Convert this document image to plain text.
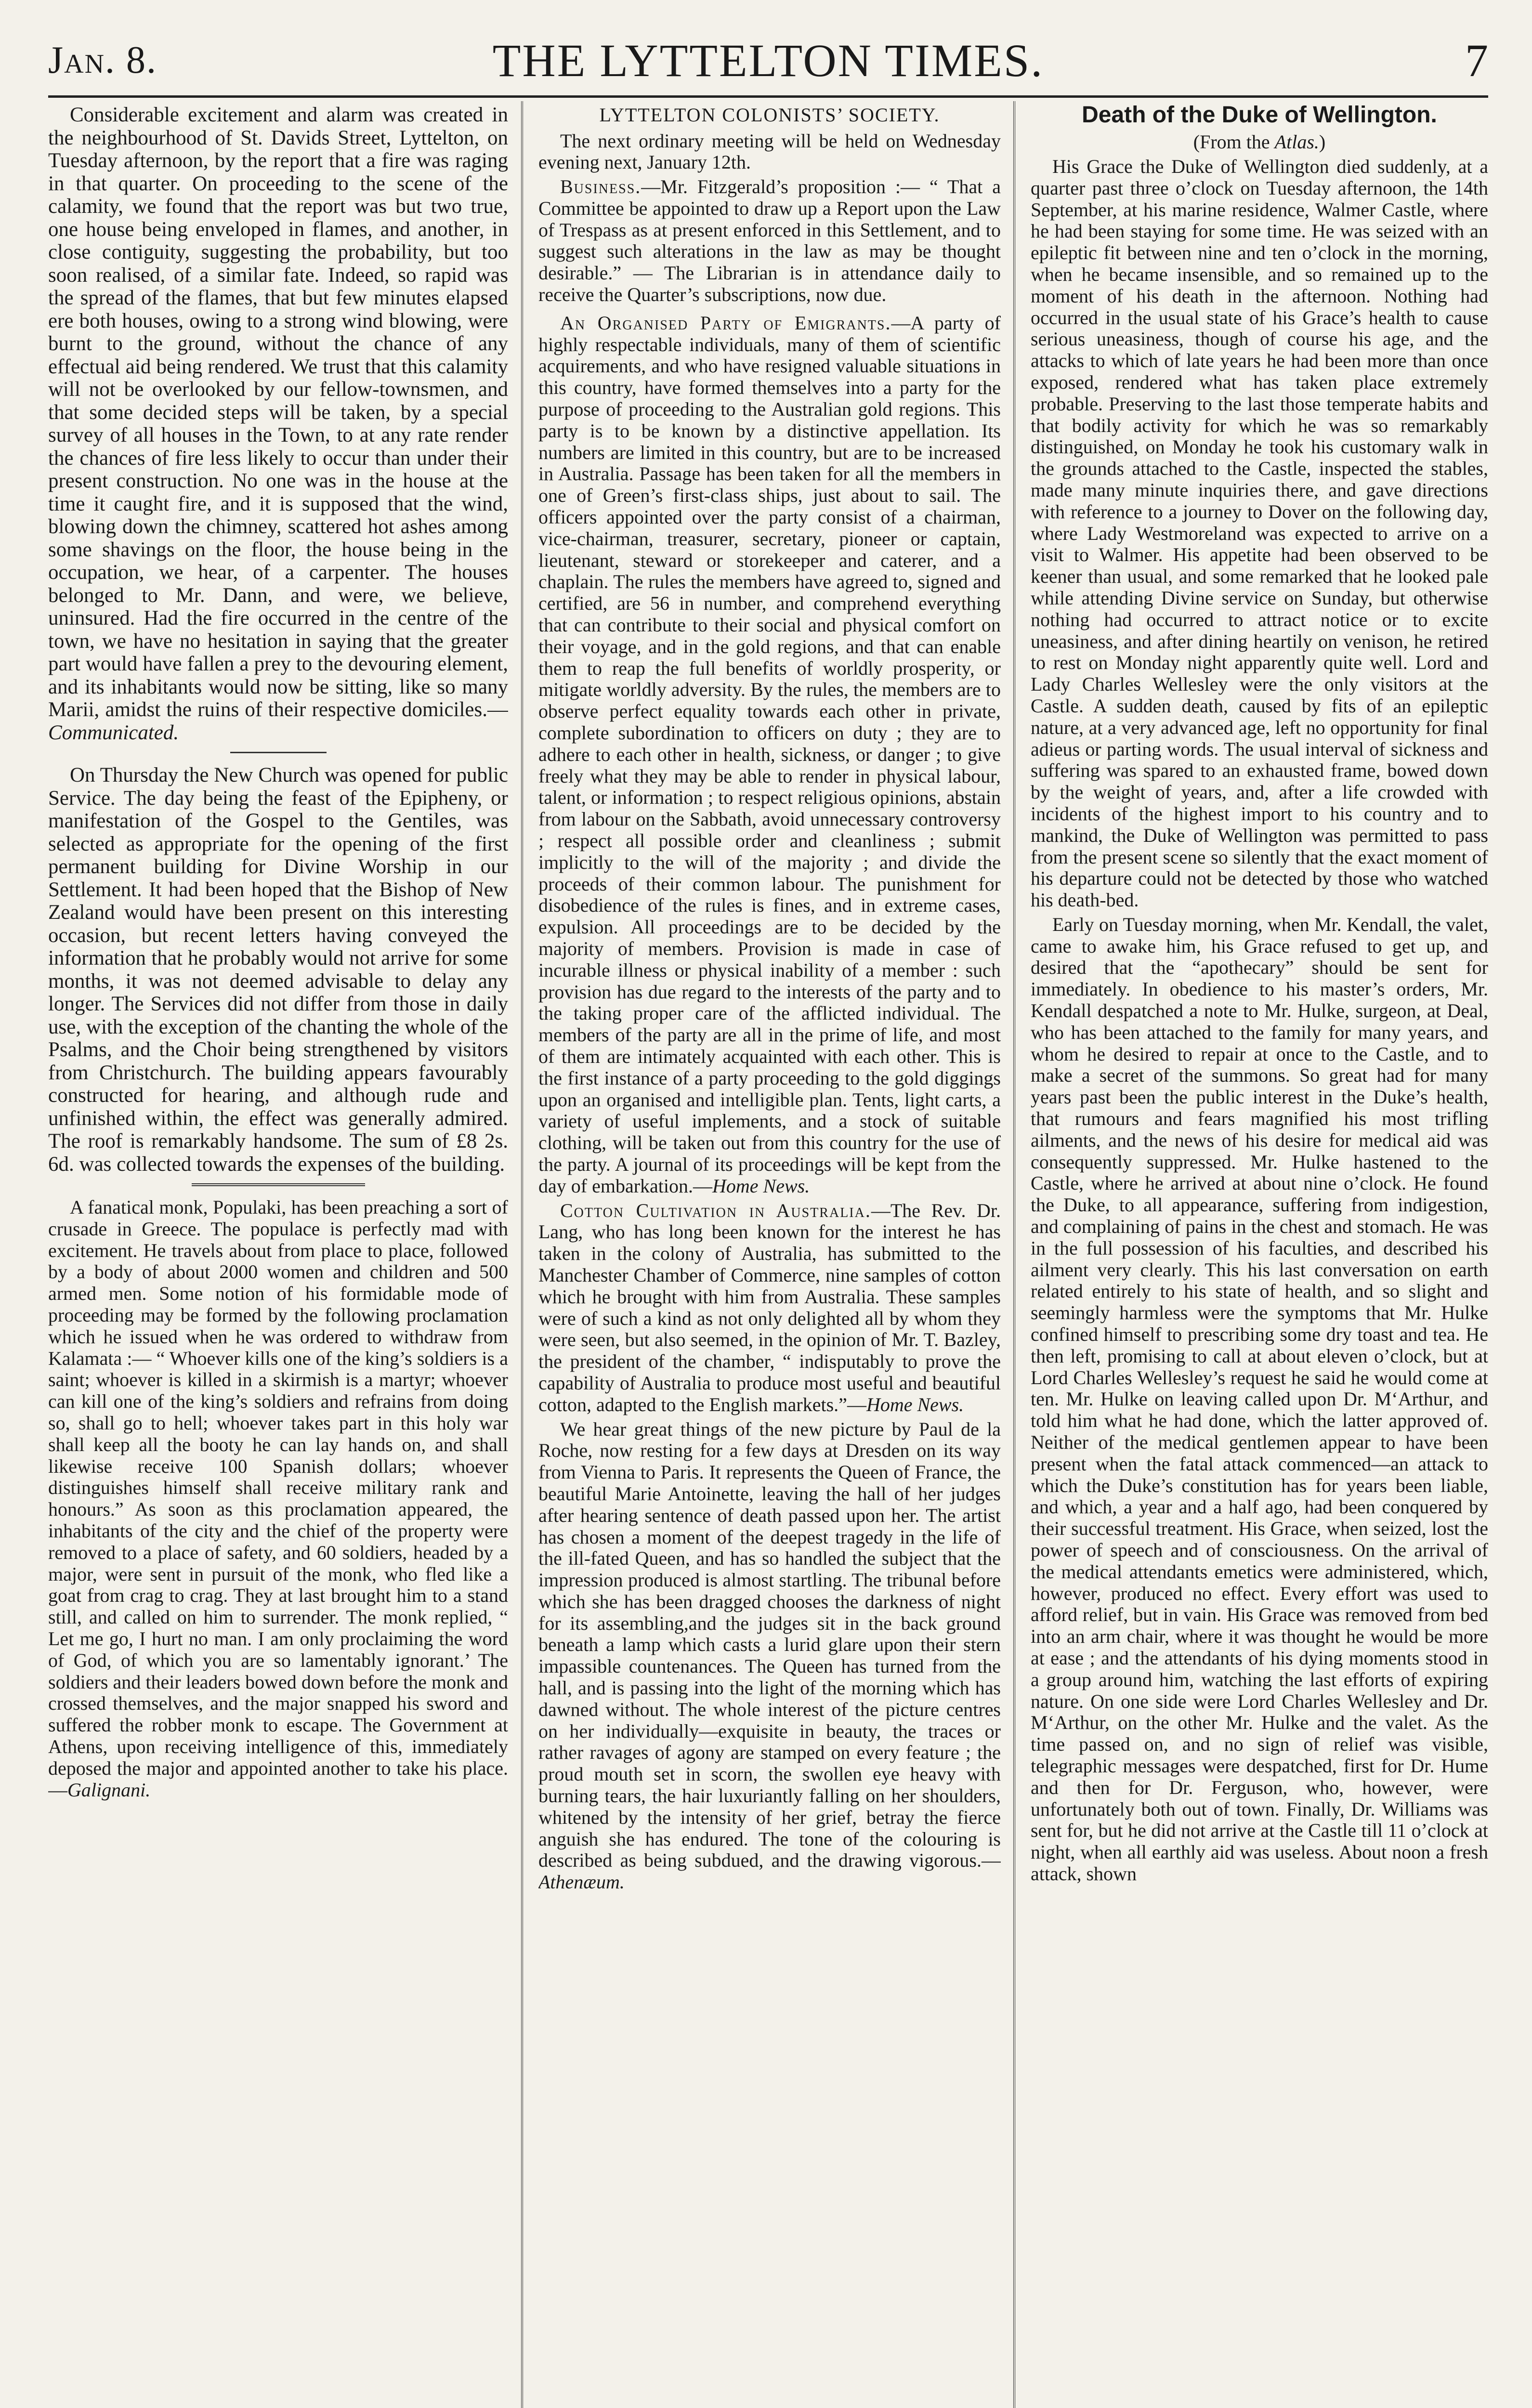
Jan. 8.	THE LYTTELTON TIMES.	7

Considerable excitement and alarm was created in the neighbourhood of St. Davids Street, Lyttelton, on Tuesday afternoon, by the report that a fire was raging in that quarter. On proceeding to the scene of the calamity, we found that the report was but two true, one house being enveloped in flames, and another, in close contiguity, suggesting the probability, but too soon realised, of a similar fate. Indeed, so rapid was the spread of the flames, that but few minutes elapsed ere both houses, owing to a strong wind blowing, were burnt to the ground, without the chance of any effectual aid being rendered. We trust that this calamity will not be overlooked by our fellow-townsmen, and that some decided steps will be taken, by a special survey of all houses in the Town, to at any rate render the chances of fire less likely to occur than under their present construction. No one was in the house at the time it caught fire, and it is supposed that the wind, blowing down the chimney, scattered hot ashes among some shavings on the floor, the house being in the occupation, we hear, of a carpenter. The houses belonged to Mr. Dann, and were, we believe, uninsured. Had the fire occurred in the centre of the town, we have no hesitation in saying that the greater part would have fallen a prey to the devouring element, and its inhabitants would now be sitting, like so many Marii, amidst the ruins of their respective domiciles.—Communicated.

On Thursday the New Church was opened for public Service. The day being the feast of the Epipheny, or manifestation of the Gospel to the Gentiles, was selected as appropriate for the opening of the first permanent building for Divine Worship in our Settlement. It had been hoped that the Bishop of New Zealand would have been present on this interesting occasion, but recent letters having conveyed the information that he probably would not arrive for some months, it was not deemed advisable to delay any longer. The Services did not differ from those in daily use, with the exception of the chanting the whole of the Psalms, and the Choir being strengthened by visitors from Christchurch. The building appears favourably constructed for hearing, and although rude and unfinished within, the effect was generally admired. The roof is remarkably handsome. The sum of £8 2s. 6d. was collected towards the expenses of the building.

A fanatical monk, Populaki, has been preaching a sort of crusade in Greece. The populace is perfectly mad with excitement. He travels about from place to place, followed by a body of about 2000 women and children and 500 armed men. Some notion of his formidable mode of proceeding may be formed by the following proclamation which he issued when he was ordered to withdraw from Kalamata :— “ Whoever kills one of the king’s soldiers is a saint; whoever is killed in a skirmish is a martyr; whoever can kill one of the king’s soldiers and refrains from doing so, shall go to hell; whoever takes part in this holy war shall keep all the booty he can lay hands on, and shall likewise receive 100 Spanish dollars; whoever distinguishes himself shall receive military rank and honours.” As soon as this proclamation appeared, the inhabitants of the city and the chief of the property were removed to a place of safety, and 60 soldiers, headed by a major, were sent in pursuit of the monk, who fled like a goat from crag to crag. They at last brought him to a stand still, and called on him to surrender. The monk replied, “ Let me go, I hurt no man. I am only proclaiming the word of God, of which you are so lamentably ignorant.’ The soldiers and their leaders bowed down before the monk and crossed themselves, and the major snapped his sword and suffered the robber monk to escape. The Government at Athens, upon receiving intelligence of this, immediately deposed the major and appointed another to take his place.—Galignani.

LYTTELTON COLONISTS’ SOCIETY.

The next ordinary meeting will be held on Wednesday evening next, January 12th.

Business.—Mr. Fitzgerald’s proposition :— “ That a Committee be appointed to draw up a Report upon the Law of Trespass as at present enforced in this Settlement, and to suggest such alterations in the law as may be thought desirable.” — The Librarian is in attendance daily to receive the Quarter’s subscriptions, now due.

An Organised Party of Emigrants.—A party of highly respectable individuals, many of them of scientific acquirements, and who have resigned valuable situations in this country, have formed themselves into a party for the purpose of proceeding to the Australian gold regions. This party is to be known by a distinctive appellation. Its numbers are limited in this country, but are to be increased in Australia. Passage has been taken for all the members in one of Green’s first-class ships, just about to sail. The officers appointed over the party consist of a chairman, vice-chairman, treasurer, secretary, pioneer or captain, lieutenant, steward or storekeeper and caterer, and a chaplain. The rules the members have agreed to, signed and certified, are 56 in number, and comprehend everything that can contribute to their social and physical comfort on their voyage, and in the gold regions, and that can enable them to reap the full benefits of worldly prosperity, or mitigate worldly adversity. By the rules, the members are to observe perfect equality towards each other in private, complete subordination to officers on duty ; they are to adhere to each other in health, sickness, or danger ; to give freely what they may be able to render in physical labour, talent, or information ; to respect religious opinions, abstain from labour on the Sabbath, avoid unnecessary controversy ; respect all possible order and cleanliness ; submit implicitly to the will of the majority ; and divide the proceeds of their common labour. The punishment for disobedience of the rules is fines, and in extreme cases, expulsion. All proceedings are to be decided by the majority of members. Provision is made in case of incurable illness or physical inability of a member : such provision has due regard to the interests of the party and to the taking proper care of the afflicted individual. The members of the party are all in the prime of life, and most of them are intimately acquainted with each other. This is the first instance of a party proceeding to the gold diggings upon an organised and intelligible plan. Tents, light carts, a variety of useful implements, and a stock of suitable clothing, will be taken out from this country for the use of the party. A journal of its proceedings will be kept from the day of embarkation.—Home News.

Cotton Cultivation in Australia.—The Rev. Dr. Lang, who has long been known for the interest he has taken in the colony of Australia, has submitted to the Manchester Chamber of Commerce, nine samples of cotton which he brought with him from Australia. These samples were of such a kind as not only delighted all by whom they were seen, but also seemed, in the opinion of Mr. T. Bazley, the president of the chamber, “ indisputably to prove the capability of Australia to produce most useful and beautiful cotton, adapted to the English markets.”—Home News.

We hear great things of the new picture by Paul de la Roche, now resting for a few days at Dresden on its way from Vienna to Paris. It represents the Queen of France, the beautiful Marie Antoinette, leaving the hall of her judges after hearing sentence of death passed upon her. The artist has chosen a moment of the deepest tragedy in the life of the ill-fated Queen, and has so handled the subject that the impression produced is almost startling. The tribunal before which she has been dragged chooses the darkness of night for its assembling,and the judges sit in the back ground beneath a lamp which casts a lurid glare upon their stern impassible countenances. The Queen has turned from the hall, and is passing into the light of the morning which has dawned without. The whole interest of the picture centres on her individually—exquisite in beauty, the traces or rather ravages of agony are stamped on every feature ; the proud mouth set in scorn, the swollen eye heavy with burning tears, the hair luxuriantly falling on her shoulders, whitened by the intensity of her grief, betray the fierce anguish she has endured. The tone of the colouring is described as being subdued, and the drawing vigorous.—Athenæum.

Death of the Duke of Wellington.
(From the Atlas.)

His Grace the Duke of Wellington died suddenly, at a quarter past three o’clock on Tuesday afternoon, the 14th September, at his marine residence, Walmer Castle, where he had been staying for some time. He was seized with an epileptic fit between nine and ten o’clock in the morning, when he became insensible, and so remained up to the moment of his death in the afternoon. Nothing had occurred in the usual state of his Grace’s health to cause serious uneasiness, though of course his age, and the attacks to which of late years he had been more than once exposed, rendered what has taken place extremely probable. Preserving to the last those temperate habits and that bodily activity for which he was so remarkably distinguished, on Monday he took his customary walk in the grounds attached to the Castle, inspected the stables, made many minute inquiries there, and gave directions with reference to a journey to Dover on the following day, where Lady Westmoreland was expected to arrive on a visit to Walmer. His appetite had been observed to be keener than usual, and some remarked that he looked pale while attending Divine service on Sunday, but otherwise nothing had occurred to attract notice or to excite uneasiness, and after dining heartily on venison, he retired to rest on Monday night apparently quite well. Lord and Lady Charles Wellesley were the only visitors at the Castle. A sudden death, caused by fits of an epileptic nature, at a very advanced age, left no opportunity for final adieus or parting words. The usual interval of sickness and suffering was spared to an exhausted frame, bowed down by the weight of years, and, after a life crowded with incidents of the highest import to his country and to mankind, the Duke of Wellington was permitted to pass from the present scene so silently that the exact moment of his departure could not be detected by those who watched his death-bed.

Early on Tuesday morning, when Mr. Kendall, the valet, came to awake him, his Grace refused to get up, and desired that the “apothecary” should be sent for immediately. In obedience to his master’s orders, Mr. Kendall despatched a note to Mr. Hulke, surgeon, at Deal, who has been attached to the family for many years, and whom he desired to repair at once to the Castle, and to make a secret of the summons. So great had for many years past been the public interest in the Duke’s health, that rumours and fears magnified his most trifling ailments, and the news of his desire for medical aid was consequently suppressed. Mr. Hulke hastened to the Castle, where he arrived at about nine o’clock. He found the Duke, to all appearance, suffering from indigestion, and complaining of pains in the chest and stomach. He was in the full possession of his faculties, and described his ailment very clearly. This his last conversation on earth related entirely to his state of health, and so slight and seemingly harmless were the symptoms that Mr. Hulke confined himself to prescribing some dry toast and tea. He then left, promising to call at about eleven o’clock, but at Lord Charles Wellesley’s request he said he would come at ten. Mr. Hulke on leaving called upon Dr. M‘Arthur, and told him what he had done, which the latter approved of. Neither of the medical gentlemen appear to have been present when the fatal attack commenced—an attack to which the Duke’s constitution has for years been liable, and which, a year and a half ago, had been conquered by their successful treatment. His Grace, when seized, lost the power of speech and of consciousness. On the arrival of the medical attendants emetics were administered, which, however, produced no effect. Every effort was used to afford relief, but in vain. His Grace was removed from bed into an arm chair, where it was thought he would be more at ease ; and the attendants of his dying moments stood in a group around him, watching the last efforts of expiring nature. On one side were Lord Charles Wellesley and Dr. M‘Arthur, on the other Mr. Hulke and the valet. As the time passed on, and no sign of relief was visible, telegraphic messages were despatched, first for Dr. Hume and then for Dr. Ferguson, who, however, were unfortunately both out of town. Finally, Dr. Williams was sent for, but he did not arrive at the Castle till 11 o’clock at night, when all earthly aid was useless. About noon a fresh attack, shown
